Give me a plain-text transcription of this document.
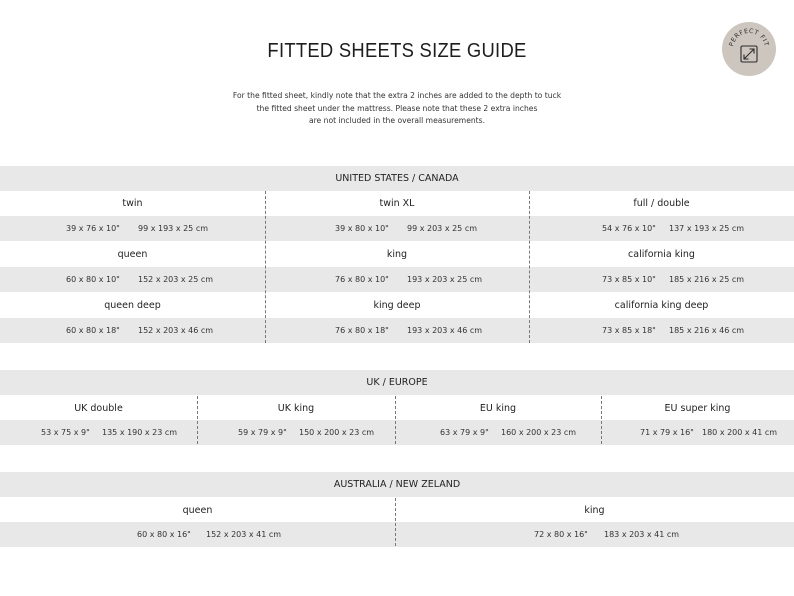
FITTED SHEETS SIZE GUIDE
For the fitted sheet, kindly note that the extra 2 inches are added to the depth to tuck
the fitted sheet under the mattress. Please note that these 2 extra inches
are not included in the overall measurements.
PERFECT FIT
UNITED STATES / CANADA
twin	twin XL	full / double
39 x 76 x 10" 99 x 193 x 25 cm	39 x 80 x 10" 99 x 203 x 25 cm	54 x 76 x 10" 137 x 193 x 25 cm
queen	king	california king
60 x 80 x 10" 152 x 203 x 25 cm	76 x 80 x 10" 193 x 203 x 25 cm	73 x 85 x 10" 185 x 216 x 25 cm
queen deep	king deep	california king deep
60 x 80 x 18" 152 x 203 x 46 cm	76 x 80 x 18" 193 x 203 x 46 cm	73 x 85 x 18" 185 x 216 x 46 cm
UK / EUROPE
UK double	UK king	EU king	EU super king
53 x 75 x 9" 135 x 190 x 23 cm	59 x 79 x 9" 150 x 200 x 23 cm	63 x 79 x 9" 160 x 200 x 23 cm	71 x 79 x 16" 180 x 200 x 41 cm
AUSTRALIA / NEW ZELAND
queen	king
60 x 80 x 16" 152 x 203 x 41 cm	72 x 80 x 16" 183 x 203 x 41 cm
